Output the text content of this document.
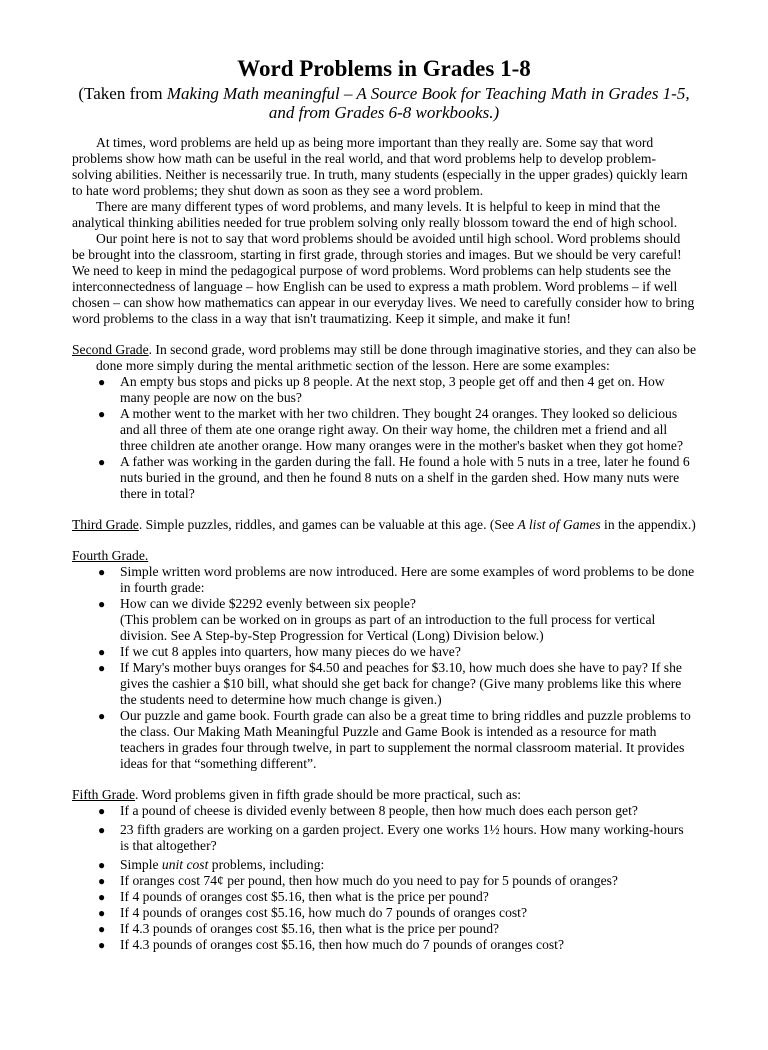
Word Problems in Grades 1-8
(Taken from Making Math meaningful – A Source Book for Teaching Math in Grades 1-5,
and from Grades 6-8 workbooks.)

At times, word problems are held up as being more important than they really are. Some say that word problems show how math can be useful in the real world, and that word problems help to develop problem-solving abilities. Neither is necessarily true. In truth, many students (especially in the upper grades) quickly learn to hate word problems; they shut down as soon as they see a word problem.

There are many different types of word problems, and many levels. It is helpful to keep in mind that the analytical thinking abilities needed for true problem solving only really blossom toward the end of high school.

Our point here is not to say that word problems should be avoided until high school. Word problems should be brought into the classroom, starting in first grade, through stories and images. But we should be very careful! We need to keep in mind the pedagogical purpose of word problems. Word problems can help students see the interconnectedness of language – how English can be used to express a math problem. Word problems – if well chosen – can show how mathematics can appear in our everyday lives. We need to carefully consider how to bring word problems to the class in a way that isn't traumatizing. Keep it simple, and make it fun!

Second Grade. In second grade, word problems may still be done through imaginative stories, and they can also be done more simply during the mental arithmetic section of the lesson. Here are some examples:

● An empty bus stops and picks up 8 people. At the next stop, 3 people get off and then 4 get on. How many people are now on the bus?
● A mother went to the market with her two children. They bought 24 oranges. They looked so delicious and all three of them ate one orange right away. On their way home, the children met a friend and all three children ate another orange. How many oranges were in the mother's basket when they got home?
● A father was working in the garden during the fall. He found a hole with 5 nuts in a tree, later he found 6 nuts buried in the ground, and then he found 8 nuts on a shelf in the garden shed. How many nuts were there in total?

Third Grade. Simple puzzles, riddles, and games can be valuable at this age. (See A list of Games in the appendix.)

Fourth Grade.

● Simple written word problems are now introduced. Here are some examples of word problems to be done in fourth grade:
● How can we divide $2292 evenly between six people?
(This problem can be worked on in groups as part of an introduction to the full process for vertical division. See A Step-by-Step Progression for Vertical (Long) Division below.)
● If we cut 8 apples into quarters, how many pieces do we have?
● If Mary's mother buys oranges for $4.50 and peaches for $3.10, how much does she have to pay? If she gives the cashier a $10 bill, what should she get back for change? (Give many problems like this where the students need to determine how much change is given.)
● Our puzzle and game book. Fourth grade can also be a great time to bring riddles and puzzle problems to the class. Our Making Math Meaningful Puzzle and Game Book is intended as a resource for math teachers in grades four through twelve, in part to supplement the normal classroom material. It provides ideas for that “something different”.

Fifth Grade. Word problems given in fifth grade should be more practical, such as:

● If a pound of cheese is divided evenly between 8 people, then how much does each person get?
● 23 fifth graders are working on a garden project. Every one works 1½ hours. How many working-hours is that altogether?
● Simple unit cost problems, including:
● If oranges cost 74¢ per pound, then how much do you need to pay for 5 pounds of oranges?
● If 4 pounds of oranges cost $5.16, then what is the price per pound?
● If 4 pounds of oranges cost $5.16, how much do 7 pounds of oranges cost?
● If 4.3 pounds of oranges cost $5.16, then what is the price per pound?
● If 4.3 pounds of oranges cost $5.16, then how much do 7 pounds of oranges cost?
